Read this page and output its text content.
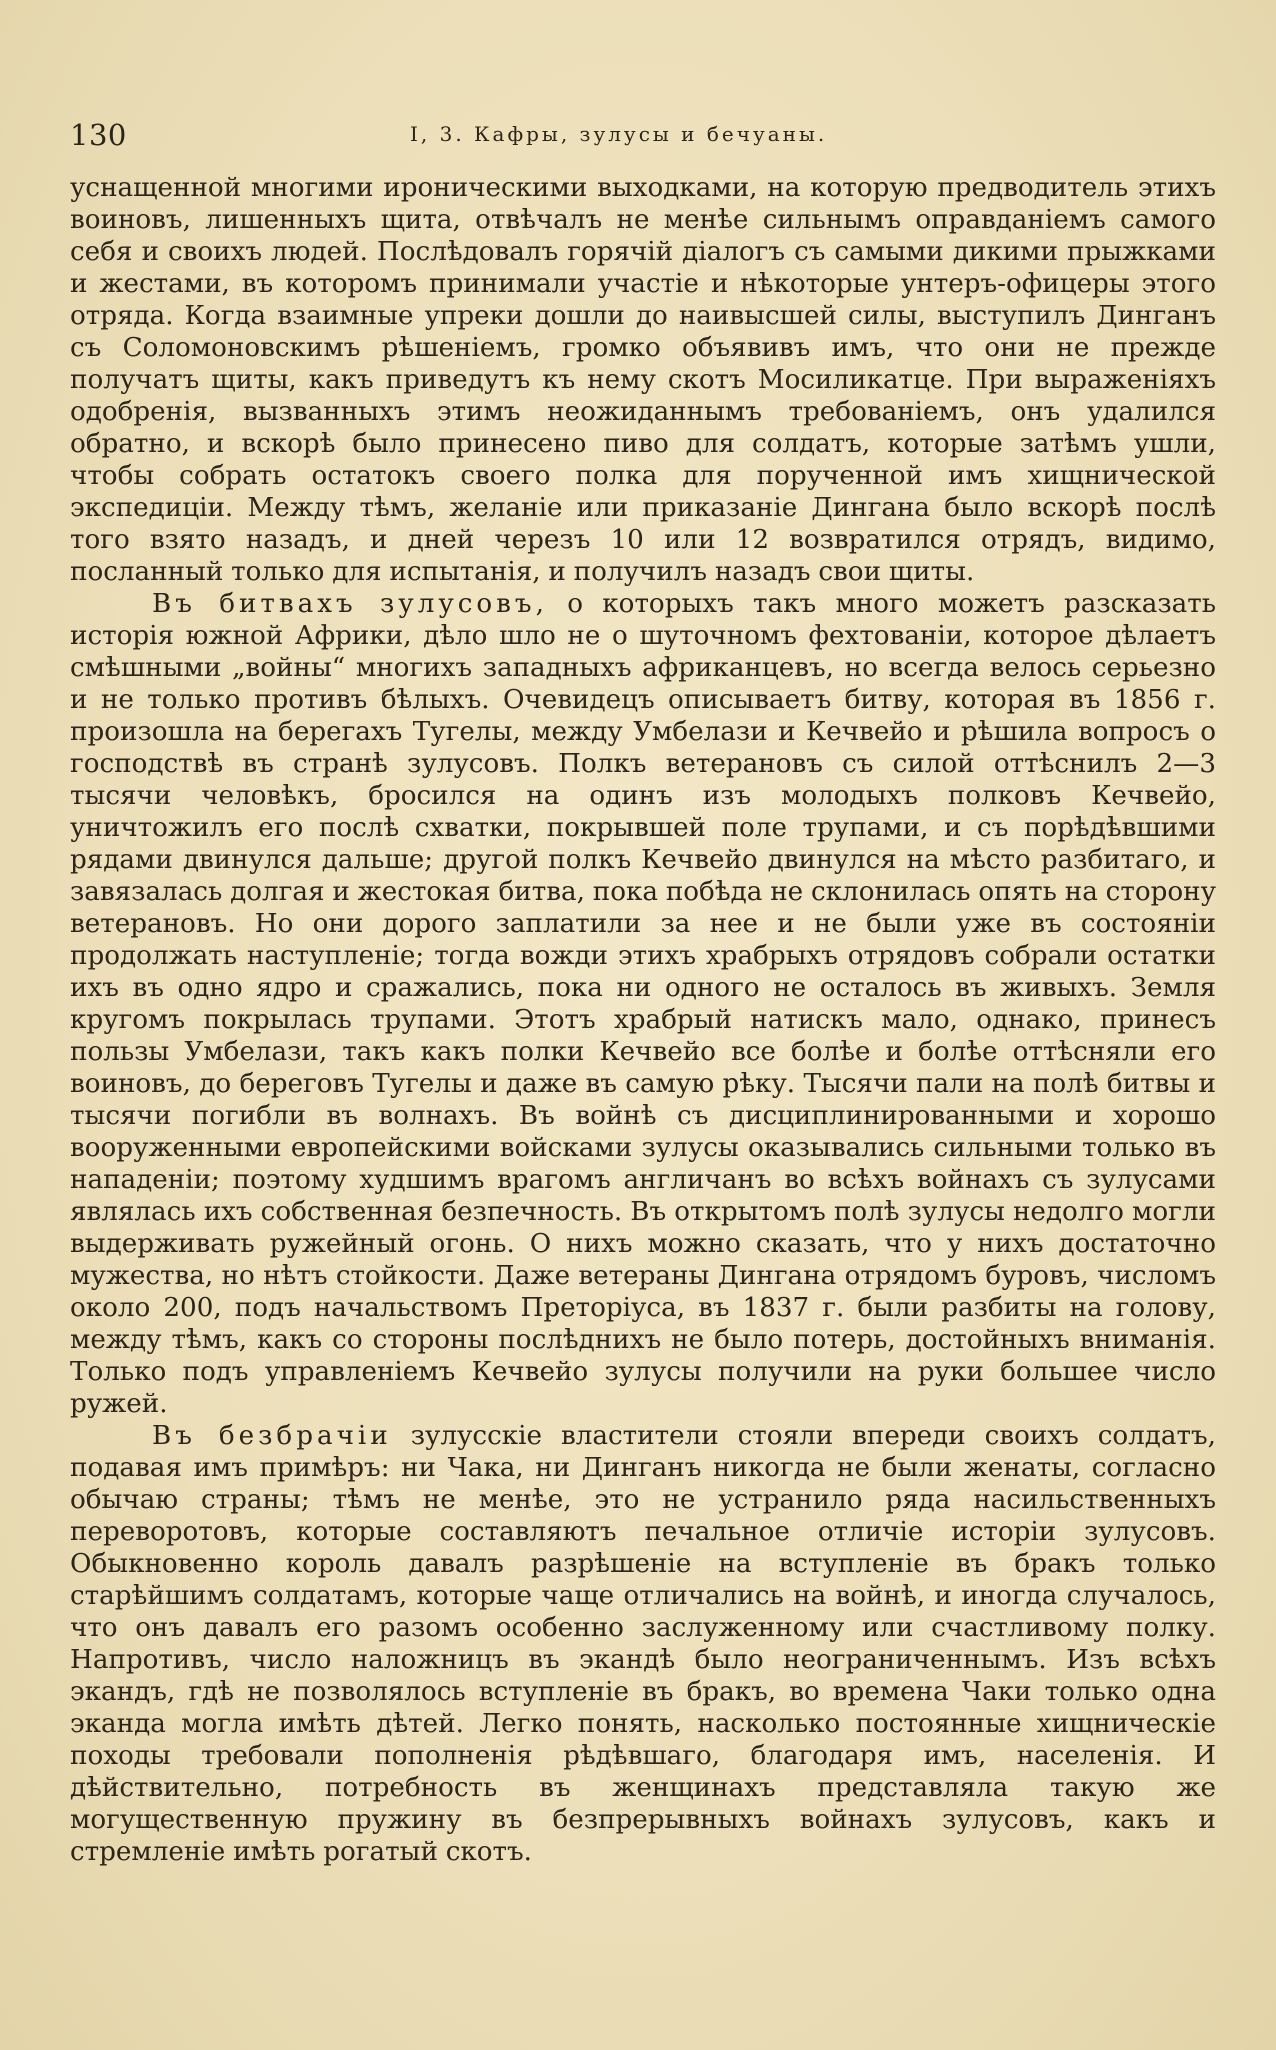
130	I, 3. Кафры, зулусы и бечуаны.

уснащенной многими ироническими выходками, на которую предводитель этихъ воиновъ, лишенныхъ щита, отвѣчалъ не менѣе сильнымъ оправданіемъ самого себя и своихъ людей. Послѣдовалъ горячій діалогъ съ самыми дикими прыжками и жестами, въ которомъ принимали участіе и нѣкоторые унтеръ-офицеры этого отряда. Когда взаимные упреки дошли до наивысшей силы, выступилъ Динганъ съ Соломоновскимъ рѣшеніемъ, громко объявивъ имъ, что они не прежде получатъ щиты, какъ приведутъ къ нему скотъ Мосиликатце. При выраженіяхъ одобренія, вызванныхъ этимъ неожиданнымъ требованіемъ, онъ удалился обратно, и вскорѣ было принесено пиво для солдатъ, которые затѣмъ ушли, чтобы собрать остатокъ своего полка для порученной имъ хищнической экспедиціи. Между тѣмъ, желаніе или приказаніе Дингана было вскорѣ послѣ того взято назадъ, и дней черезъ 10 или 12 возвратился отрядъ, видимо, посланный только для испытанія, и получилъ назадъ свои щиты.

Въ битвахъ зулусовъ, о которыхъ такъ много можетъ разсказать исторія южной Африки, дѣло шло не о шуточномъ фехтованіи, которое дѣлаетъ смѣшными „войны“ многихъ западныхъ африканцевъ, но всегда велось серьезно и не только противъ бѣлыхъ. Очевидецъ описываетъ битву, которая въ 1856 г. произошла на берегахъ Тугелы, между Умбелази и Кечвейо и рѣшила вопросъ о господствѣ въ странѣ зулусовъ. Полкъ ветерановъ съ силой оттѣснилъ 2—3 тысячи человѣкъ, бросился на одинъ изъ молодыхъ полковъ Кечвейо, уничтожилъ его послѣ схватки, покрывшей поле трупами, и съ порѣдѣвшими рядами двинулся дальше; другой полкъ Кечвейо двинулся на мѣсто разбитаго, и завязалась долгая и жестокая битва, пока побѣда не склонилась опять на сторону ветерановъ. Но они дорого заплатили за нее и не были уже въ состояніи продолжать наступленіе; тогда вожди этихъ храбрыхъ отрядовъ собрали остатки ихъ въ одно ядро и сражались, пока ни одного не осталось въ живыхъ. Земля кругомъ покрылась трупами. Этотъ храбрый натискъ мало, однако, принесъ пользы Умбелази, такъ какъ полки Кечвейо все болѣе и болѣе оттѣсняли его воиновъ, до береговъ Тугелы и даже въ самую рѣку. Тысячи пали на полѣ битвы и тысячи погибли въ волнахъ. Въ войнѣ съ дисциплинированными и хорошо вооруженными европейскими войсками зулусы оказывались сильными только въ нападеніи; поэтому худшимъ врагомъ англичанъ во всѣхъ войнахъ съ зулусами являлась ихъ собственная безпечность. Въ открытомъ полѣ зулусы недолго могли выдерживать ружейный огонь. О нихъ можно сказать, что у нихъ достаточно мужества, но нѣтъ стойкости. Даже ветераны Дингана отрядомъ буровъ, числомъ около 200, подъ начальствомъ Преторіуса, въ 1837 г. были разбиты на голову, между тѣмъ, какъ со стороны послѣднихъ не было потерь, достойныхъ вниманія. Только подъ управленіемъ Кечвейо зулусы получили на руки большее число ружей.

Въ безбрачіи зулусскіе властители стояли впереди своихъ солдатъ, подавая имъ примѣръ: ни Чака, ни Динганъ никогда не были женаты, согласно обычаю страны; тѣмъ не менѣе, это не устранило ряда насильственныхъ переворотовъ, которые составляютъ печальное отличіе исторіи зулусовъ. Обыкновенно король давалъ разрѣшеніе на вступленіе въ бракъ только старѣйшимъ солдатамъ, которые чаще отличались на войнѣ, и иногда случалось, что онъ давалъ его разомъ особенно заслуженному или счастливому полку. Напротивъ, число наложницъ въ экандѣ было неограниченнымъ. Изъ всѣхъ экандъ, гдѣ не позволялось вступленіе въ бракъ, во времена Чаки только одна эканда могла имѣть дѣтей. Легко понять, насколько постоянные хищническіе походы требовали пополненія рѣдѣвшаго, благодаря имъ, населенія. И дѣйствительно, потребность въ женщинахъ представляла такую же могущественную пружину въ безпрерывныхъ войнахъ зулусовъ, какъ и стремленіе имѣть рогатый скотъ.
